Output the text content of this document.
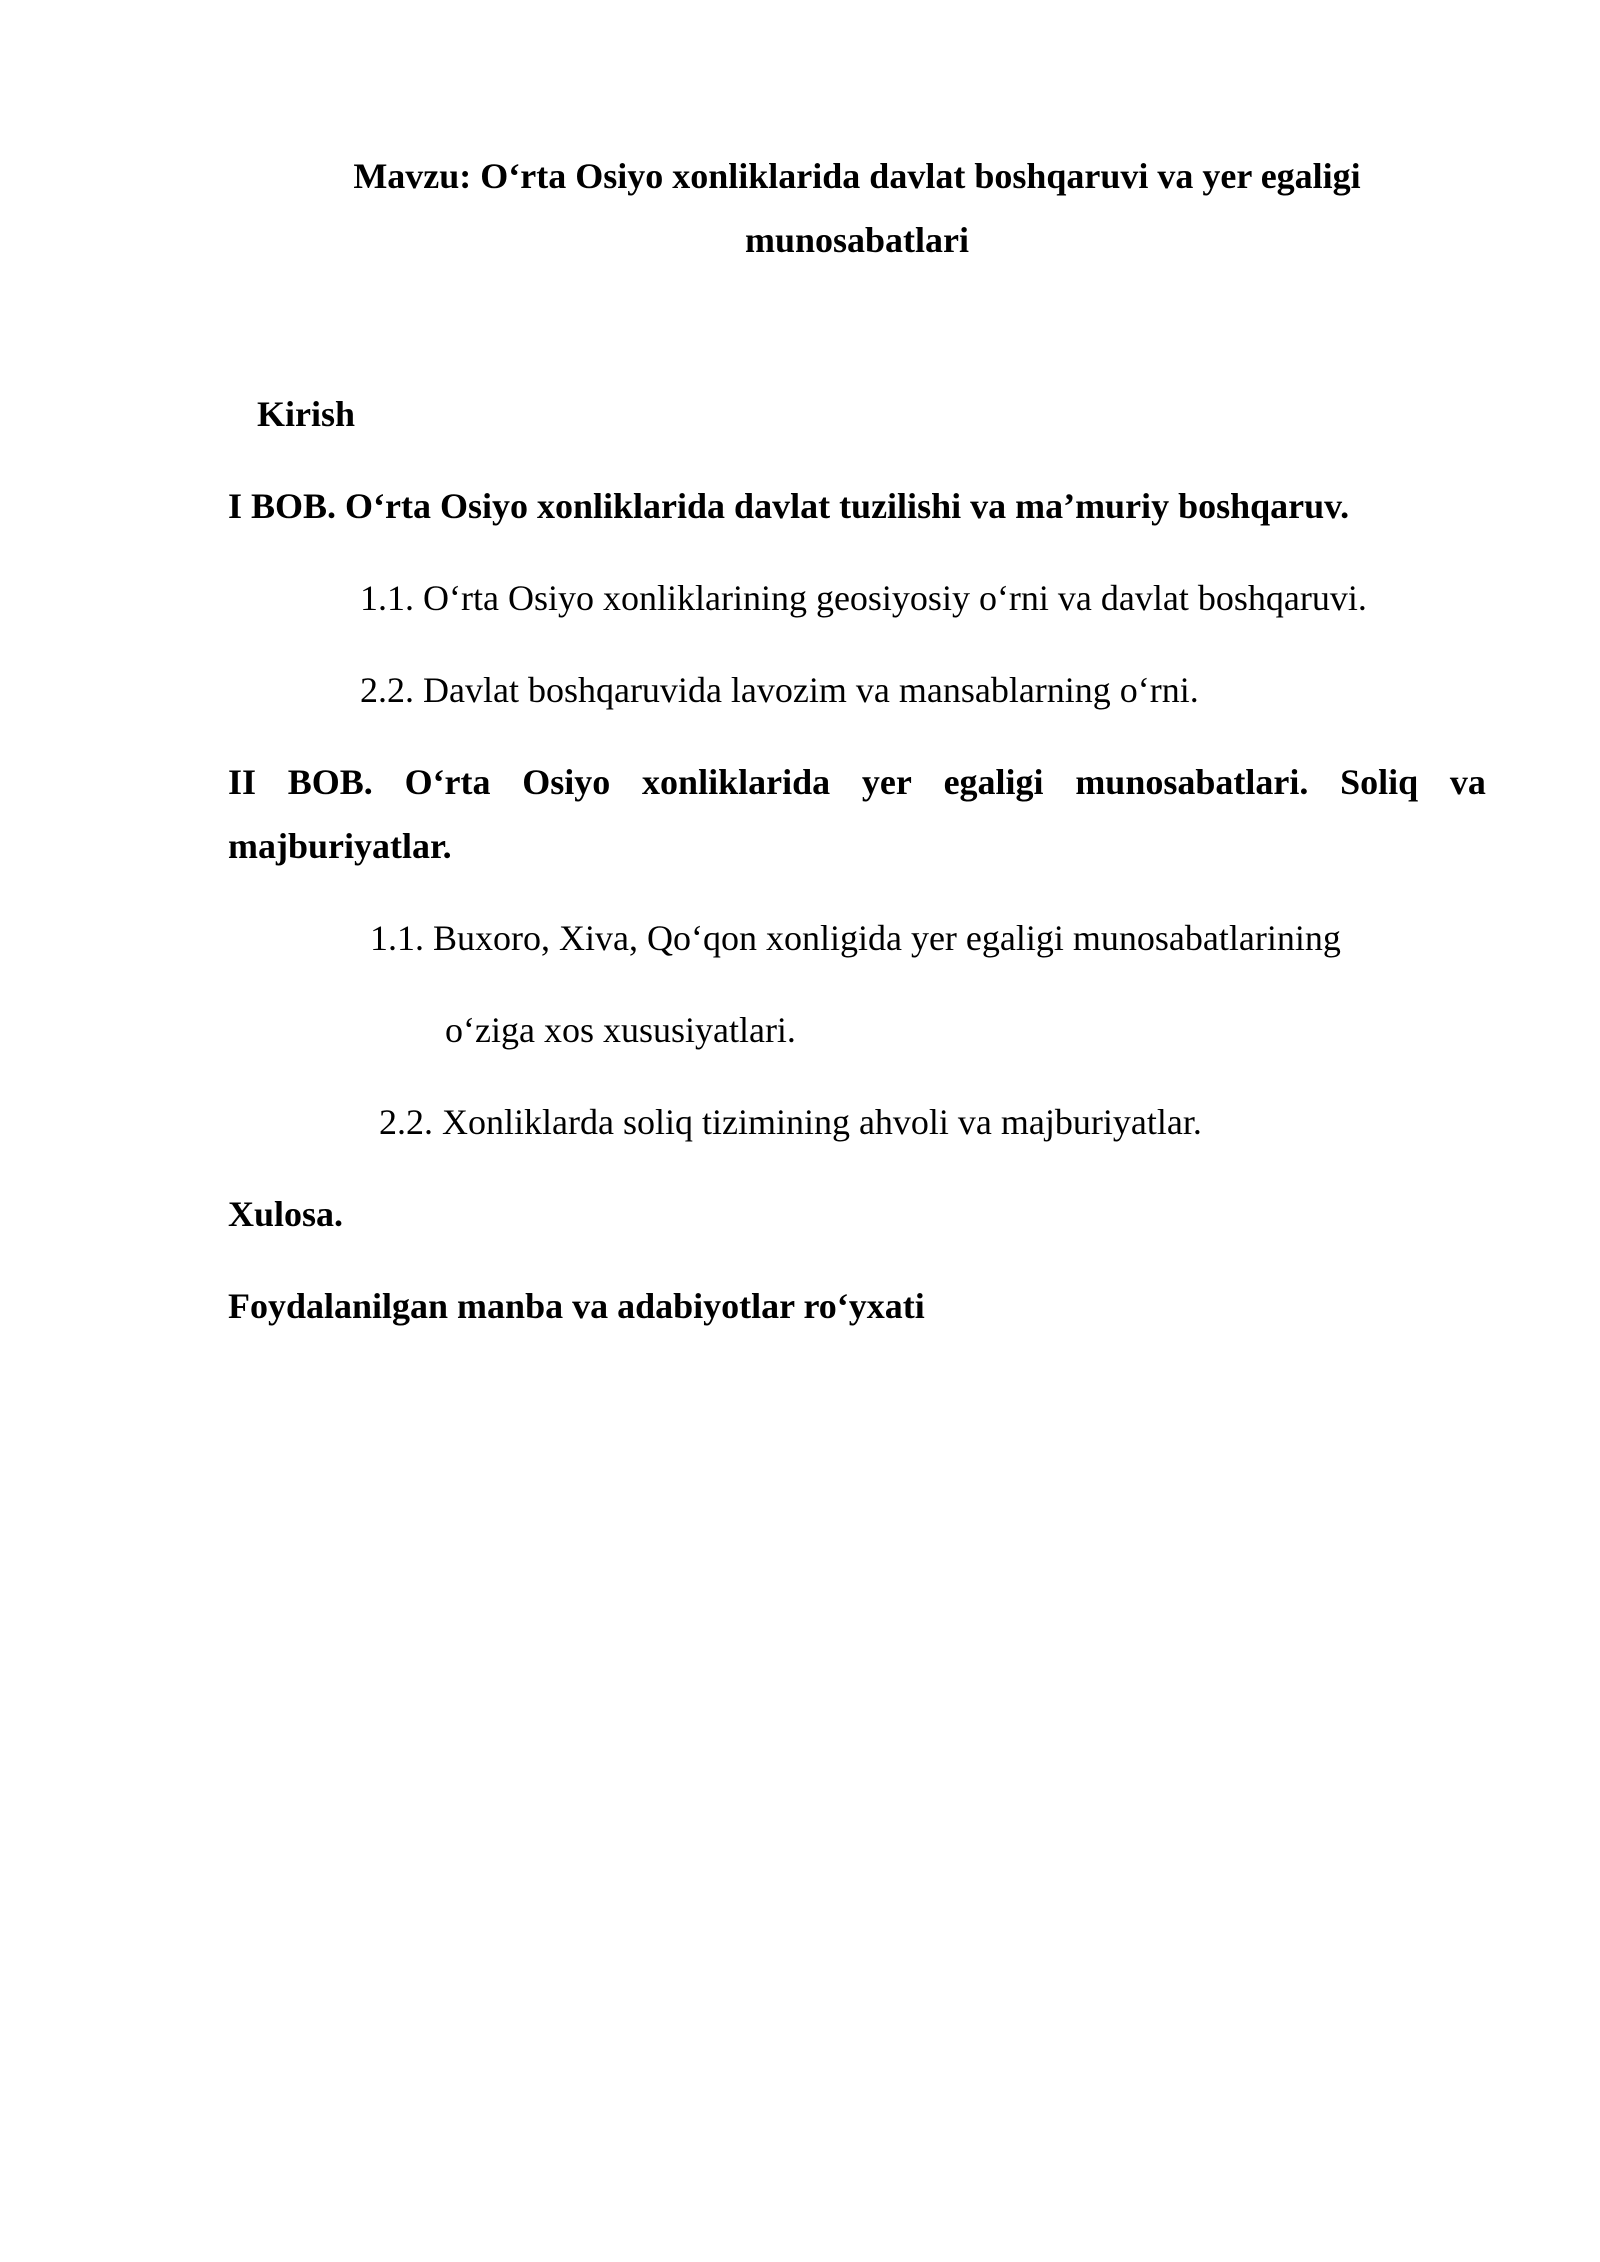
Mavzu: O‘rta Osiyo xonliklarida davlat boshqaruvi va yer egaligi
munosabatlari
Kirish
I BOB. O‘rta Osiyo xonliklarida davlat tuzilishi va ma’muriy boshqaruv.
1.1. O‘rta Osiyo xonliklarining geosiyosiy o‘rni va davlat boshqaruvi.
2.2. Davlat boshqaruvida lavozim va mansablarning o‘rni.
II BOB. O‘rta Osiyo xonliklarida yer egaligi munosabatlari. Soliq va
majburiyatlar.
1.1. Buxoro, Xiva, Qo‘qon xonligida yer egaligi munosabatlarining
o‘ziga xos xususiyatlari.
2.2. Xonliklarda soliq tizimining ahvoli va majburiyatlar.
Xulosa.
Foydalanilgan manba va adabiyotlar ro‘yxati
